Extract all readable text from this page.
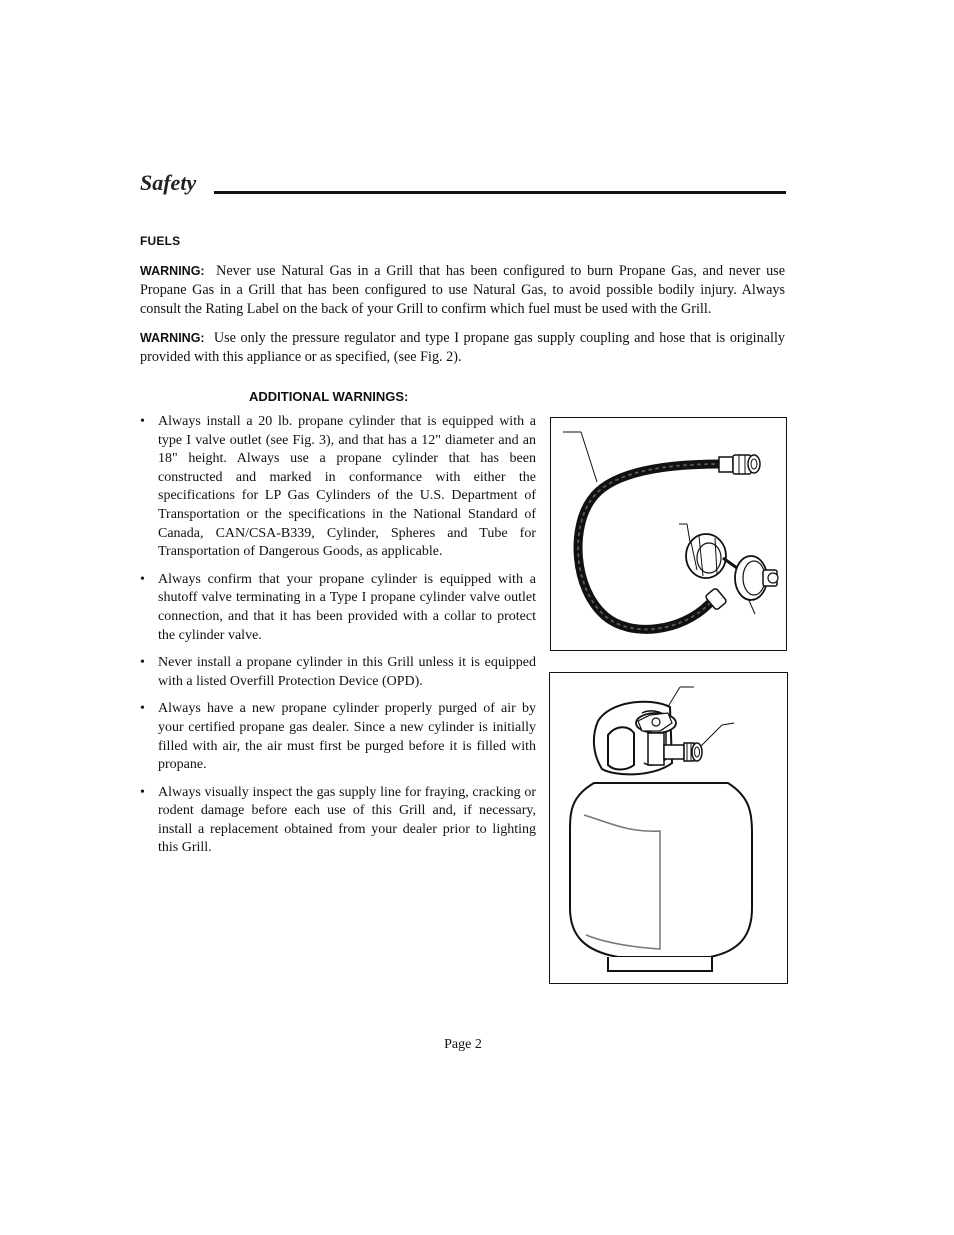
Safety
FUELS
WARNING: Never use Natural Gas in a Grill that has been configured to burn Propane Gas, and never use Propane Gas in a Grill that has been configured to use Natural Gas, to avoid possible bodily injury. Always consult the Rating Label on the back of your Grill to confirm which fuel must be used with the Grill.
WARNING: Use only the pressure regulator and type I propane gas supply coupling and hose that is originally provided with this appliance or as specified, (see Fig. 2).
ADDITIONAL WARNINGS:
• Always install a 20 lb. propane cylinder that is equipped with a type I valve outlet (see Fig. 3), and that has a 12" diameter and an 18" height. Always use a propane cylinder that has been constructed and marked in conformance with either the specifications for LP Gas Cylinders of the U.S. Department of Transportation or the specifications in the National Standard of Canada, CAN/CSA-B339, Cylinder, Spheres and Tube for Transportation of Dangerous Goods, as applicable.
• Always confirm that your propane cylinder is equipped with a shutoff valve terminating in a Type I propane cylinder valve outlet connection, and that it has been provided with a collar to protect the cylinder valve.
• Never install a propane cylinder in this Grill unless it is equipped with a listed Overfill Protection Device (OPD).
• Always have a new propane cylinder properly purged of air by your certified propane gas dealer. Since a new cylinder is initially filled with air, the air must first be purged before it is filled with propane.
• Always visually inspect the gas supply line for fraying, cracking or rodent damage before each use of this Grill and, if necessary, install a replacement obtained from your dealer prior to lighting this Grill.
Page 2
